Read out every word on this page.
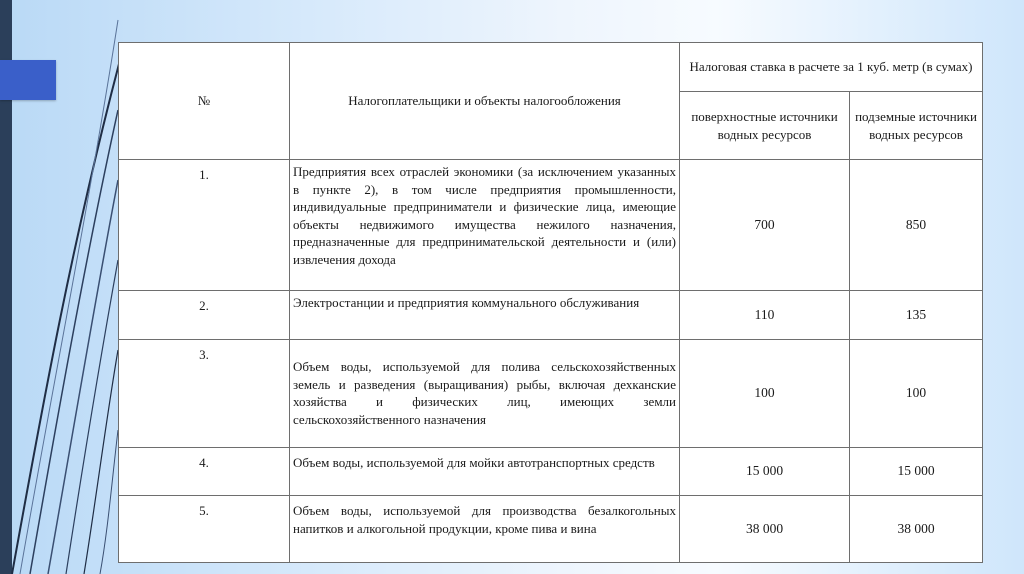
№	Налогоплательщики и объекты налогообложения	Налоговая ставка в расчете за 1 куб. метр (в сумах)	
		поверхностные источники водных ресурсов	подземные источники водных ресурсов
1.	Предприятия всех отраслей экономики (за исключением указанных в пункте 2), в том числе предприятия промышленности, индивидуальные предприниматели и физические лица, имеющие объекты недвижимого имущества нежилого назначения, предназначенные для предпринимательской деятельности и (или) извлечения дохода	700	850
2.	Электростанции и предприятия коммунального обслуживания	110	135
3.	Объем воды, используемой для полива сельскохозяйственных земель и разведения (выращивания) рыбы, включая дехканские хозяйства и физических лиц, имеющих земли сельскохозяйственного назначения	100	100
4.	Объем воды, используемой для мойки автотранспортных средств	15 000	15 000
5.	Объем воды, используемой для производства безалкогольных напитков и алкогольной продукции, кроме пива и вина	38 000	38 000
